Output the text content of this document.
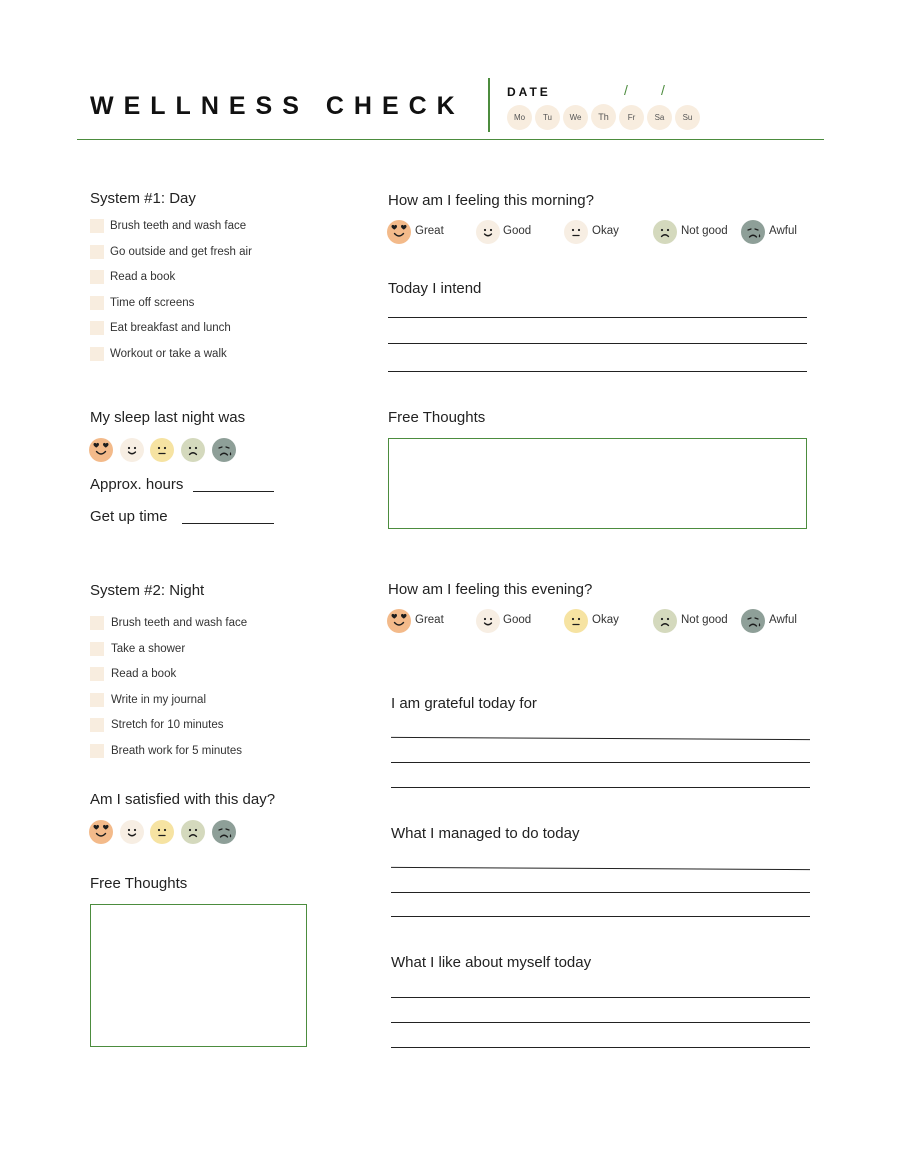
WELLNESS CHECK	DATE	/ /
Mo	Tu	We	Th	Fr	Sa	Su
System #1: Day
Brush teeth and wash face
Go outside and get fresh air
Read a book
Time off screens
Eat breakfast and lunch
Workout or take a walk
My sleep last night was
Approx. hours
Get up time
How am I feeling this morning?
Great	Good	Okay	Not good	Awful
Today I intend
Free Thoughts
System #2: Night
Brush teeth and wash face
Take a shower
Read a book
Write in my journal
Stretch for 10 minutes
Breath work for 5 minutes
Am I satisfied with this day?
Free Thoughts
How am I feeling this evening?
Great	Good	Okay	Not good	Awful
I am grateful today for
What I managed to do today
What I like about myself today
